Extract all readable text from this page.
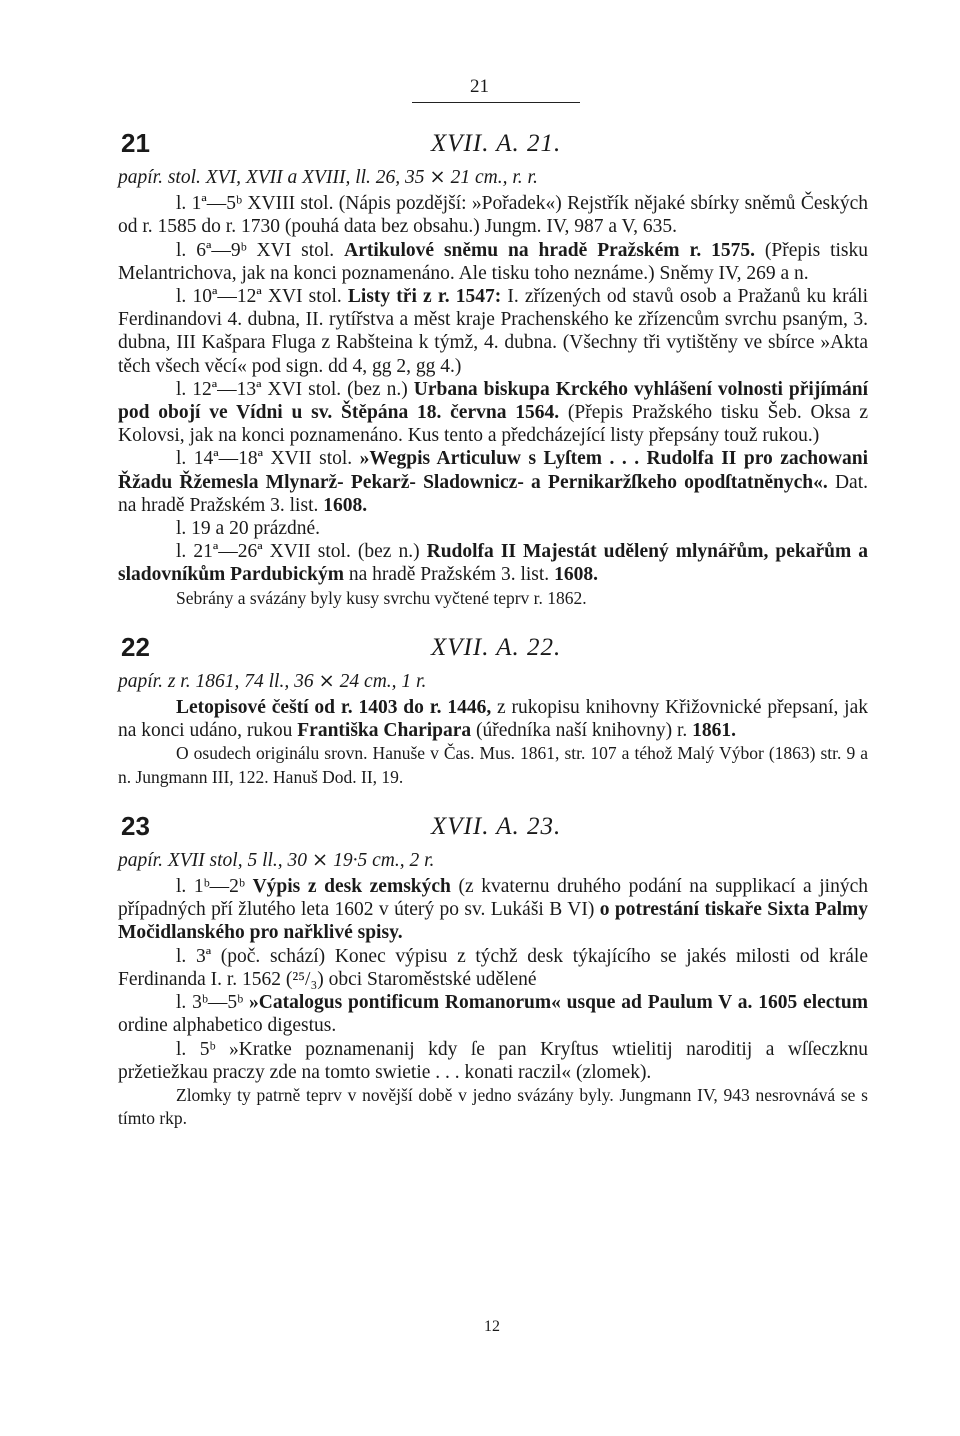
21
21	XVII. A. 21.
papír. stol. XVI, XVII a XVIII, ll. 26, 35 ⨯ 21 cm., r. r.

l. 1ª—5ᵇ XVIII stol. (Nápis pozdější: »Pořadek«) Rejstřík nějaké sbírky sněmů Českých od r. 1585 do r. 1730 (pouhá data bez obsahu.) Jungm. IV, 987 a V, 635.

l. 6ª—9ᵇ XVI stol. Artikulové sněmu na hradě Pražském r. 1575. (Přepis tisku Melantrichova, jak na konci poznamenáno. Ale tisku toho neznáme.) Sněmy IV, 269 a n.

l. 10ª—12ª XVI stol. Listy tři z r. 1547: I. zřízených od stavů osob a Pražanů ku králi Ferdinandovi 4. dubna, II. rytířstva a měst kraje Prachenského ke zřízencům svrchu psaným, 3. dubna, III Kašpara Fluga z Rabšteina k týmž, 4. dubna. (Všechny tři vytištěny ve sbírce »Akta těch všech věcí« pod sign. dd 4, gg 2, gg 4.)

l. 12ª—13ª XVI stol. (bez n.) Urbana biskupa Krckého vyhlášení volnosti přijímání pod obojí ve Vídni u sv. Štěpána 18. června 1564. (Přepis Pražského tisku Šeb. Oksa z Kolovsi, jak na konci poznamenáno. Kus tento a předcházející listy přepsány touž rukou.)

l. 14ª—18ª XVII stol. »Wegpis Articuluw s Lyſtem . . . Rudolfa II pro zachowani Řžadu Řžemesla Mlynarž- Pekarž- Sladownicz- a Pernikaržſkeho opodſtatněnych«. Dat. na hradě Pražském 3. list. 1608.

l. 19 a 20 prázdné.

l. 21ª—26ª XVII stol. (bez n.) Rudolfa II Majestát udělený mlynářům, pekařům a sladovníkům Pardubickým na hradě Pražském 3. list. 1608.

Sebrány a svázány byly kusy svrchu vyčtené teprv r. 1862.

22	XVII. A. 22.
papír. z r. 1861, 74 ll., 36 ⨯ 24 cm., 1 r.

Letopisové čeští od r. 1403 do r. 1446, z rukopisu knihovny Křižovnické přepsaní, jak na konci udáno, rukou Františka Charipara (úředníka naší knihovny) r. 1861.

O osudech originálu srovn. Hanuše v Čas. Mus. 1861, str. 107 a téhož Malý Výbor (1863) str. 9 a n. Jungmann III, 122. Hanuš Dod. II, 19.

23	XVII. A. 23.
papír. XVII stol, 5 ll., 30 ⨯ 19·5 cm., 2 r.

l. 1ᵇ—2ᵇ Výpis z desk zemských (z kvaternu druhého podání na supplikací a jiných případných pří žlutého leta 1602 v úterý po sv. Lukáši B VI) o potrestání tiskaře Sixta Palmy Močidlanského pro nařklivé spisy.

l. 3ª (poč. schází) Konec výpisu z týchž desk týkajícího se jakés milosti od krále Ferdinanda I. r. 1562 (²⁵/₃) obci Staroměstské udělené

l. 3ᵇ—5ᵇ »Catalogus pontificum Romanorum« usque ad Paulum V a. 1605 electum ordine alphabetico digestus.

l. 5ᵇ »Kratke poznamenanij kdy ſe pan Kryſtus wtielitij naroditij a wſſeczknu pržetiežkau praczy zde na tomto swietie . . . konati raczil« (zlomek).

Zlomky ty patrně teprv v novější době v jedno svázány byly. Jungmann IV, 943 nesrovnává se s tímto rkp.

12
